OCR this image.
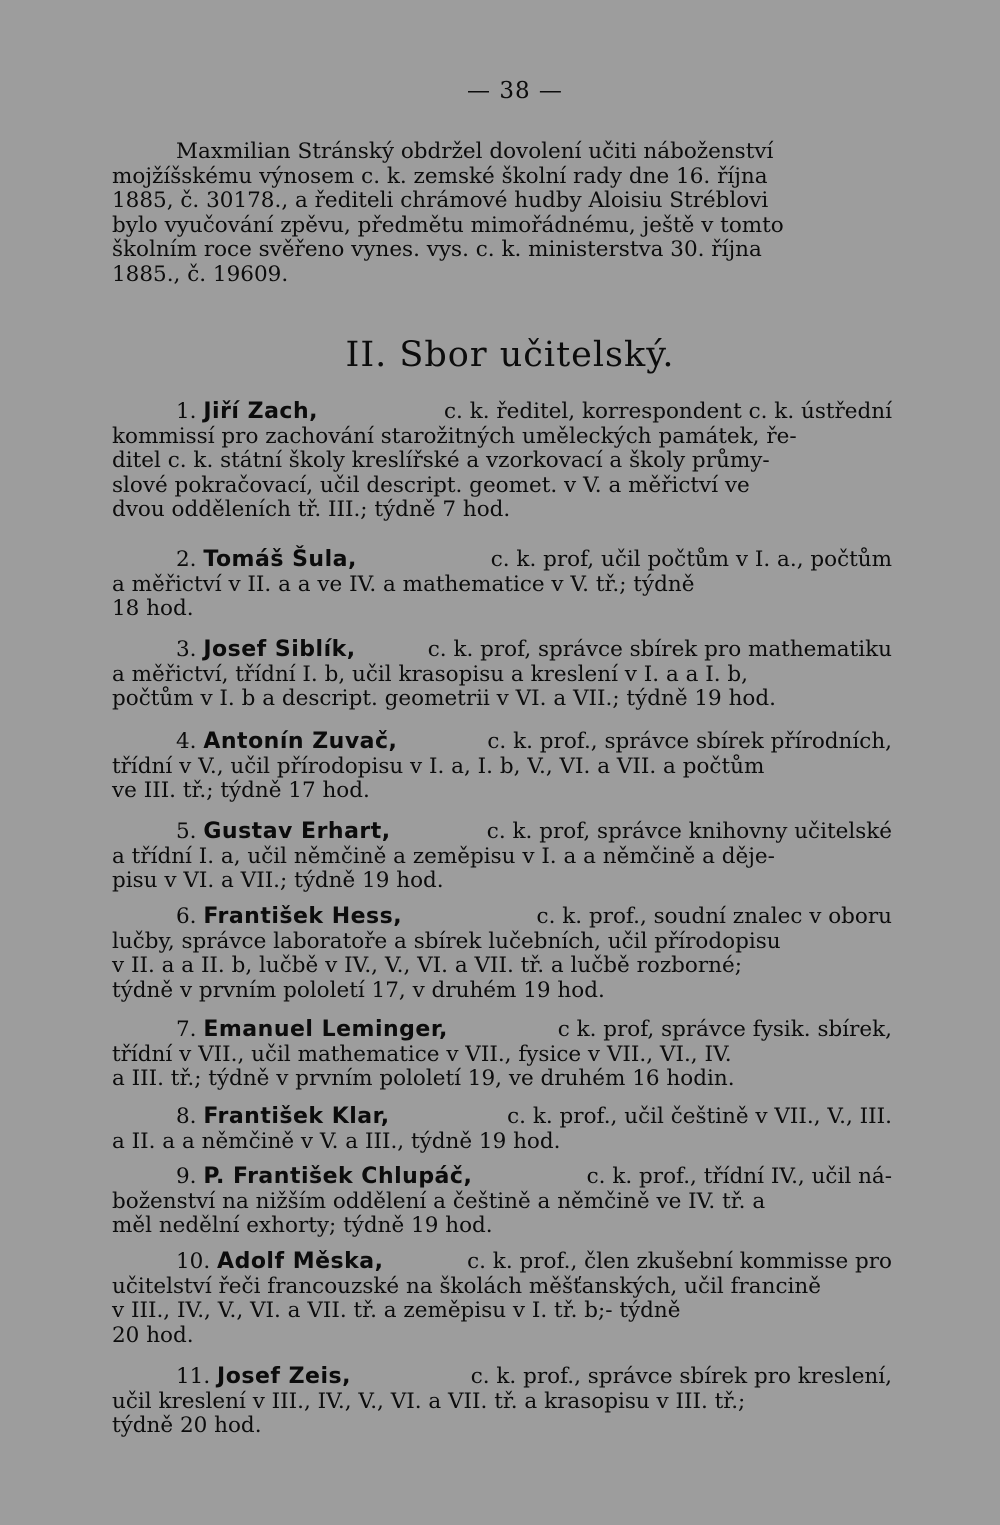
— 38 —
Maxmilian Stránský obdržel dovolení učiti náboženství
mojžíšskému výnosem c. k. zemské školní rady dne 16. října
1885, č. 30178., a řediteli chrámové hudby Aloisiu Stréblovi
bylo vyučování zpěvu, předmětu mimořádnému, ještě v tomto
školním roce svěřeno vynes. vys. c. k. ministerstva 30. října
1885., č. 19609.
II. Sbor učitelský.
1. Jiří Zach,	c. k. ředitel, korrespondent c. k. ústřední
kommissí pro zachování starožitných uměleckých památek, ře-
ditel c. k. státní školy kreslířské a vzorkovací a školy průmy-
slové pokračovací, učil descript. geomet. v V. a měřictví ve
dvou odděleních tř. III.; týdně 7 hod.
2. Tomáš Šula,	c. k. prof, učil počtům v I. a., počtům
a měřictví v II. a a ve IV. a mathematice v V. tř.; týdně
18 hod.
3. Josef Siblík,	c. k. prof, správce sbírek pro mathematiku
a měřictví, třídní I. b, učil krasopisu a kreslení v I. a a I. b,
počtům v I. b a descript. geometrii v VI. a VII.; týdně 19 hod.
4. Antonín Zuvač,	c. k. prof., správce sbírek přírodních,
třídní v V., učil přírodopisu v I. a, I. b, V., VI. a VII. a počtům
ve III. tř.; týdně 17 hod.
5. Gustav Erhart,	c. k. prof, správce knihovny učitelské
a třídní I. a, učil němčině a zeměpisu v I. a a němčině a děje-
pisu v VI. a VII.; týdně 19 hod.
6. František Hess,	c. k. prof., soudní znalec v oboru
lučby, správce laboratoře a sbírek lučebních, učil přírodopisu
v II. a a II. b, lučbě v IV., V., VI. a VII. tř. a lučbě rozborné;
týdně v prvním pololetí 17, v druhém 19 hod.
7. Emanuel Leminger,	c k. prof, správce fysik. sbírek,
třídní v VII., učil mathematice v VII., fysice v VII., VI., IV.
a III. tř.; týdně v prvním pololetí 19, ve druhém 16 hodin.
8. František Klar,	c. k. prof., učil češtině v VII., V., III.
a II. a a němčině v V. a III., týdně 19 hod.
9. P. František Chlupáč,	c. k. prof., třídní IV., učil ná-
boženství na nižším oddělení a češtině a němčině ve IV. tř. a
měl nedělní exhorty; týdně 19 hod.
10. Adolf Měska,	c. k. prof., člen zkušební kommisse pro
učitelství řeči francouzské na školách měšťanských, učil francině
v III., IV., V., VI. a VII. tř. a zeměpisu v I. tř. b;- týdně
20 hod.
11. Josef Zeis,	c. k. prof., správce sbírek pro kreslení,
učil kreslení v III., IV., V., VI. a VII. tř. a krasopisu v III. tř.;
týdně 20 hod.
